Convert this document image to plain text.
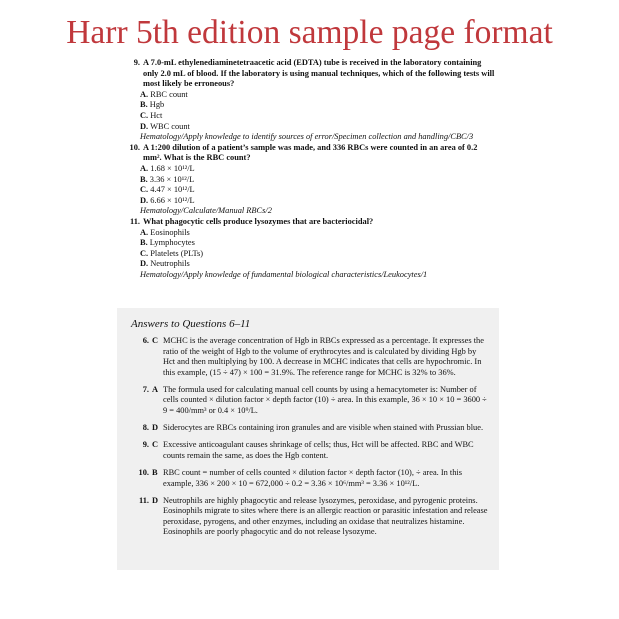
Harr 5th edition sample page format
9. A 7.0-mL ethylenediaminetetraacetic acid (EDTA) tube is received in the laboratory containing only 2.0 mL of blood. If the laboratory is using manual techniques, which of the following tests will most likely be erroneous?
A. RBC count
B. Hgb
C. Hct
D. WBC count
Hematology/Apply knowledge to identify sources of error/Specimen collection and handling/CBC/3
10. A 1:200 dilution of a patient’s sample was made, and 336 RBCs were counted in an area of 0.2 mm². What is the RBC count?
A. 1.68 × 10¹²/L
B. 3.36 × 10¹²/L
C. 4.47 × 10¹²/L
D. 6.66 × 10¹²/L
Hematology/Calculate/Manual RBCs/2
11. What phagocytic cells produce lysozymes that are bacteriocidal?
A. Eosinophils
B. Lymphocytes
C. Platelets (PLTs)
D. Neutrophils
Hematology/Apply knowledge of fundamental biological characteristics/Leukocytes/1
Answers to Questions 6–11
6. C MCHC is the average concentration of Hgb in RBCs expressed as a percentage. It expresses the ratio of the weight of Hgb to the volume of erythrocytes and is calculated by dividing Hgb by Hct and then multiplying by 100. A decrease in MCHC indicates that cells are hypochromic. In this example, (15 ÷ 47) × 100 = 31.9%. The reference range for MCHC is 32% to 36%.
7. A The formula used for calculating manual cell counts by using a hemacytometer is: Number of cells counted × dilution factor × depth factor (10) ÷ area. In this example, 36 × 10 × 10 = 3600 ÷ 9 = 400/mm³ or 0.4 × 10⁹/L.
8. D Siderocytes are RBCs containing iron granules and are visible when stained with Prussian blue.
9. C Excessive anticoagulant causes shrinkage of cells; thus, Hct will be affected. RBC and WBC counts remain the same, as does the Hgb content.
10. B RBC count = number of cells counted × dilution factor × depth factor (10), ÷ area. In this example, 336 × 200 × 10 = 672,000 ÷ 0.2 = 3.36 × 10⁶/mm³ = 3.36 × 10¹²/L.
11. D Neutrophils are highly phagocytic and release lysozymes, peroxidase, and pyrogenic proteins. Eosinophils migrate to sites where there is an allergic reaction or parasitic infestation and release peroxidase, pyrogens, and other enzymes, including an oxidase that neutralizes histamine. Eosinophils are poorly phagocytic and do not release lysozyme.
